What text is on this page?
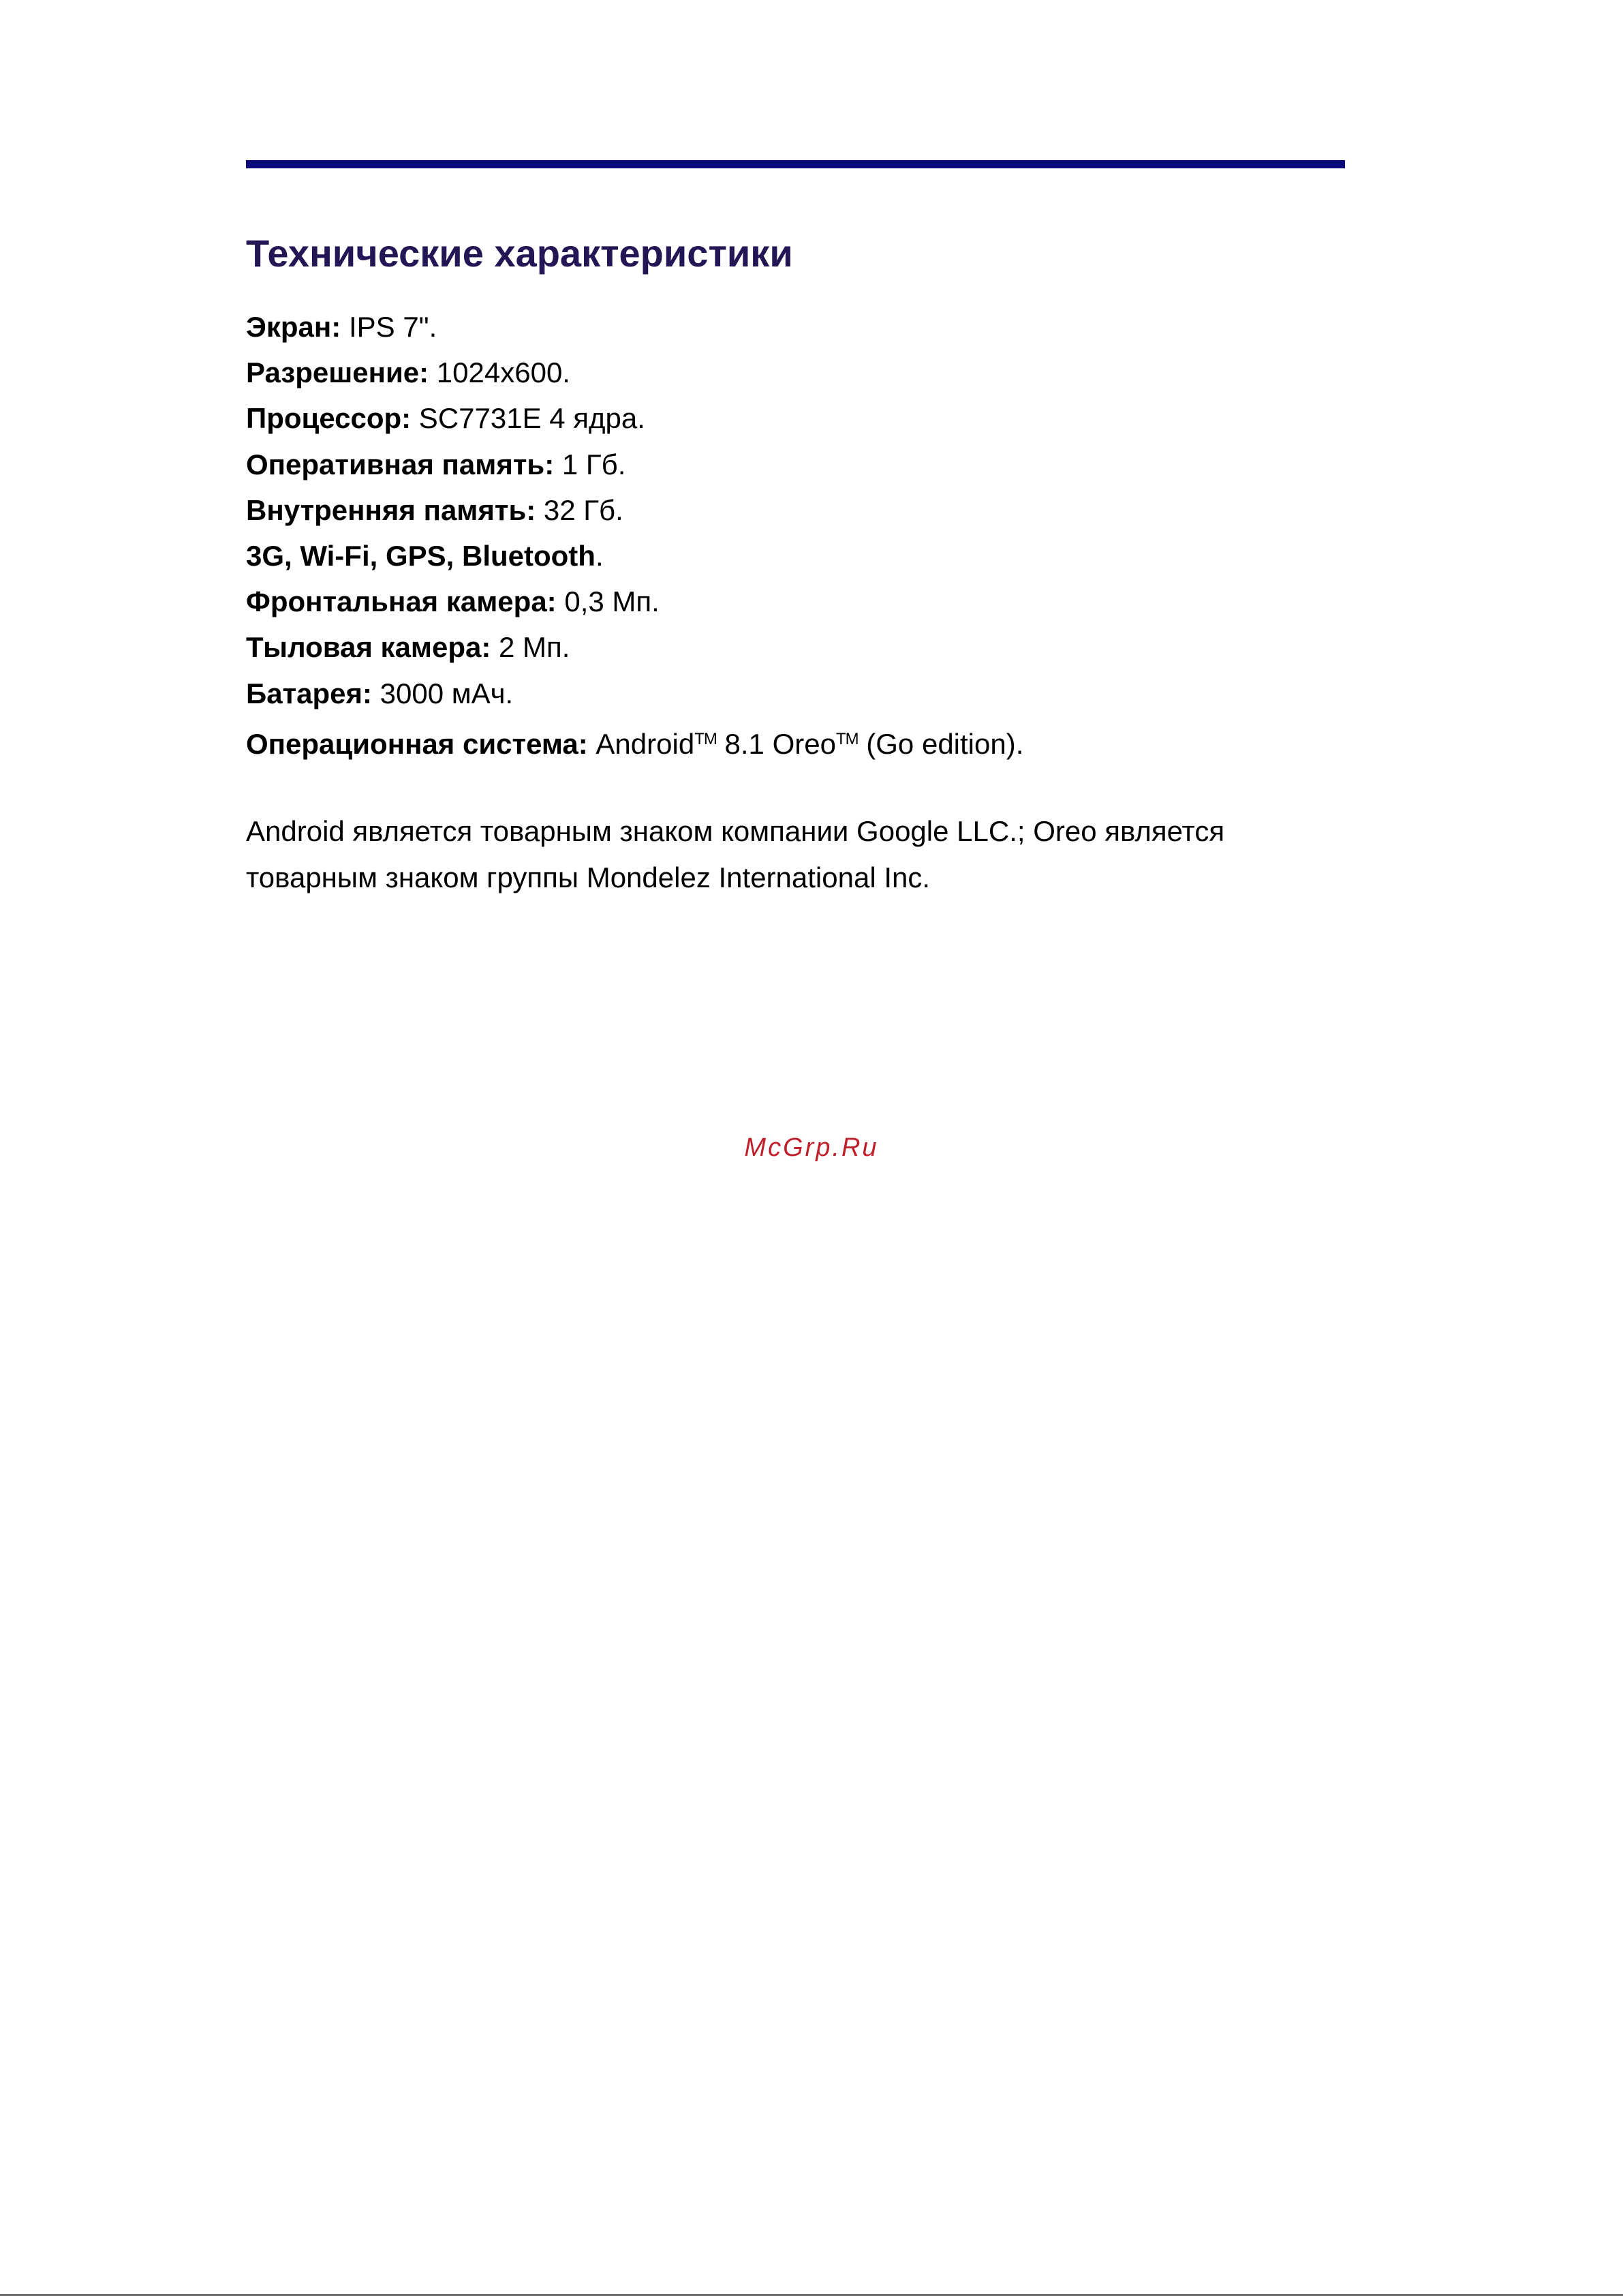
Технические характеристики
Экран: IPS 7".
Разрешение: 1024x600.
Процессор: SC7731E 4 ядра.
Оперативная память: 1 Гб.
Внутренняя память: 32 Гб.
3G, Wi-Fi, GPS, Bluetooth.
Фронтальная камера: 0,3 Мп.
Тыловая камера: 2 Мп.
Батарея: 3000 мАч.
Операционная система: Android™ 8.1 Oreo™ (Go edition).

Android является товарным знаком компании Google LLC.; Oreo является товарным знаком группы Mondelez International Inc.

McGrp.Ru
